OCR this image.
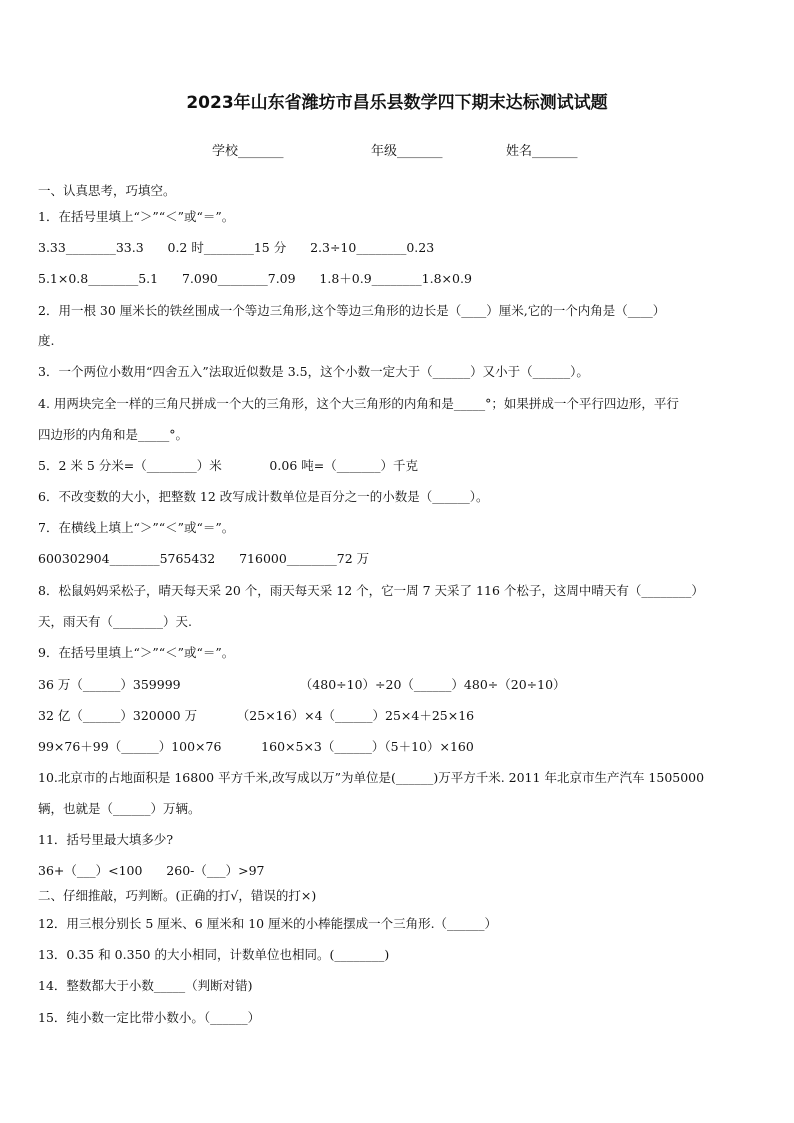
2023年山东省潍坊市昌乐县数学四下期末达标测试试题
学校_______	年级_______	姓名_______
一、认真思考，巧填空。
1．在括号里填上“＞”“＜”或“＝”。
3.33________33.3      0.2 时________15 分      2.3÷10________0.23
5.1×0.8________5.1      7.090________7.09      1.8＋0.9________1.8×0.9
2．用一根 30 厘米长的铁丝围成一个等边三角形,这个等边三角形的边长是（____）厘米,它的一个内角是（____）
度.
3．一个两位小数用“四舍五入”法取近似数是 3.5，这个小数一定大于（______）又小于（______）。
4. 用两块完全一样的三角尺拼成一个大的三角形，这个大三角形的内角和是_____°；如果拼成一个平行四边形，平行
四边形的内角和是_____°。
5．2 米 5 分米=（________）米            0.06 吨=（_______）千克
6．不改变数的大小，把整数 12 改写成计数单位是百分之一的小数是（______）。
7．在横线上填上“＞”“＜”或“＝”。
600302904________5765432      716000________72 万
8．松鼠妈妈采松子，晴天每天采 20 个，雨天每天采 12 个，它一周 7 天采了 116 个松子，这周中晴天有（________）
天，雨天有（________）天.
9．在括号里填上“＞”“＜”或“＝”。
36 万（______）359999                              （480÷10）÷20（______）480÷（20÷10）
32 亿（______）320000 万          （25×16）×4（______）25×4＋25×16
99×76＋99（______）100×76          160×5×3（______）（5＋10）×160
10.北京市的占地面积是 16800 平方千米,改写成以万”为单位是(______)万平方千米. 2011 年北京市生产汽车 1505000
辆，也就是（______）万辆。
11．括号里最大填多少?
36+（___）<100      260-（___）>97
二、仔细推敲，巧判断。(正确的打√，错误的打×)
12．用三根分别长 5 厘米、6 厘米和 10 厘米的小棒能摆成一个三角形.（______）
13．0.35 和 0.350 的大小相同，计数单位也相同。(________)
14．整数都大于小数_____（判断对错)
15．纯小数一定比带小数小。（______）
